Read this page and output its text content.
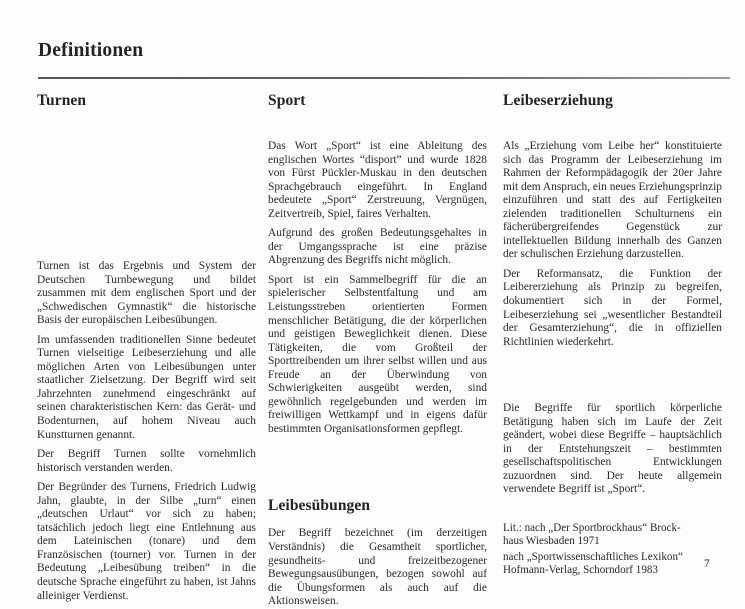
Definitionen
Turnen

Turnen ist das Ergebnis und System der Deutschen Turnbewegung und bildet zusammen mit dem englischen Sport und der „Schwedischen Gymnastik“ die historische Basis der europäischen Leibesübungen.

Im umfassenden traditionellen Sinne bedeutet Turnen vielseitige Leibeserziehung und alle möglichen Arten von Leibesübungen unter staatlicher Zielsetzung. Der Begriff wird seit Jahrzehnten zunehmend eingeschränkt auf seinen charakteristischen Kern: das Gerät- und Bodenturnen, auf hohem Niveau auch Kunstturnen genannt.

Der Begriff Turnen sollte vornehmlich historisch verstanden werden.

Der Begründer des Turnens, Friedrich Ludwig Jahn, glaubte, in der Silbe „turn“ einen „deutschen Urlaut“ vor sich zu haben; tatsächlich jedoch liegt eine Entlehnung aus dem Lateinischen (tonare) und dem Französischen (tourner) vor. Turnen in der Bedeutung „Leibesübung treiben“ in die deutsche Sprache eingeführt zu haben, ist Jahns alleiniger Verdienst.

Sport

Das Wort „Sport“ ist eine Ableitung des englischen Wortes “disport” und wurde 1828 von Fürst Pückler-Muskau in den deutschen Sprachgebrauch eingeführt. In England bedeutete „Sport“ Zerstreuung, Vergnügen, Zeitvertreib, Spiel, faires Verhalten.

Aufgrund des großen Bedeutungsgehaltes in der Umgangssprache ist eine präzise Abgrenzung des Begriffs nicht möglich.

Sport ist ein Sammelbegriff für die an spielerischer Selbstentfaltung und am Leistungsstreben orientierten Formen menschlicher Betätigung, die der körperlichen und geistigen Beweglichkeit dienen. Diese Tätigkeiten, die vom Großteil der Sporttreibenden um ihrer selbst willen und aus Freude an der Überwindung von Schwierigkeiten ausgeübt werden, sind gewöhnlich regelgebunden und werden im freiwilligen Wettkampf und in eigens dafür bestimmten Organisationsformen gepflegt.

Leibesübungen

Der Begriff bezeichnet (im derzeitigen Verständnis) die Gesamtheit sportlicher, gesundheits- und freizeitbezogener Bewegungsausübungen, bezogen sowohl auf die Übungsformen als auch auf die Aktionsweisen.

Leibeserziehung

Als „Erziehung vom Leibe her“ konstituierte sich das Programm der Leibeserziehung im Rahmen der Reformpädagogik der 20er Jahre mit dem Anspruch, ein neues Erziehungsprinzip einzuführen und statt des auf Fertigkeiten zielenden traditionellen Schulturnens ein fächerübergreifendes Gegenstück zur intellektuellen Bildung innerhalb des Ganzen der schulischen Erziehung darzustellen.

Der Reformansatz, die Funktion der Leibererziehung als Prinzip zu begreifen, dokumentiert sich in der Formel, Leibeserziehung sei „wesentlicher Bestandteil der Gesamterziehung“, die in offiziellen Richtlinien wiederkehrt.

Die Begriffe für sportlich körperliche Betätigung haben sich im Laufe der Zeit geändert, wobei diese Begriffe – hauptsächlich in der Entstehungszeit – bestimmten gesellschaftspolitischen Entwicklungen zuzuordnen sind. Der heute allgemein verwendete Begriff ist „Sport“.

Lit.: nach „Der Sportbrockhaus“ Brock-

haus Wiesbaden 1971

nach „Sportwissenschaftliches Lexikon“

Hofmann-Verlag, Schorndorf 1983	7
